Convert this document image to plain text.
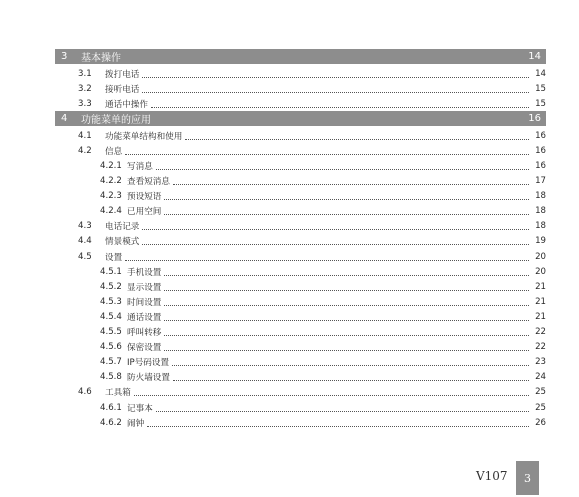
3	基本操作	14
3.1	拨打电话	14
3.2	接听电话	15
3.3	通话中操作	15
4	功能菜单的应用	16
4.1	功能菜单结构和使用	16
4.2	信息	16
4.2.1 写消息	16
4.2.2 查看短消息	17
4.2.3 预设短语	18
4.2.4 已用空间	18
4.3	电话记录	18
4.4	情景模式	19
4.5	设置	20
4.5.1 手机设置	20
4.5.2 显示设置	21
4.5.3 时间设置	21
4.5.4 通话设置	21
4.5.5 呼叫转移	22
4.5.6 保密设置	22
4.5.7 IP号码设置	23
4.5.8 防火墙设置	24
4.6	工具箱	25
4.6.1 记事本	25
4.6.2 闹钟	26
V107	3
